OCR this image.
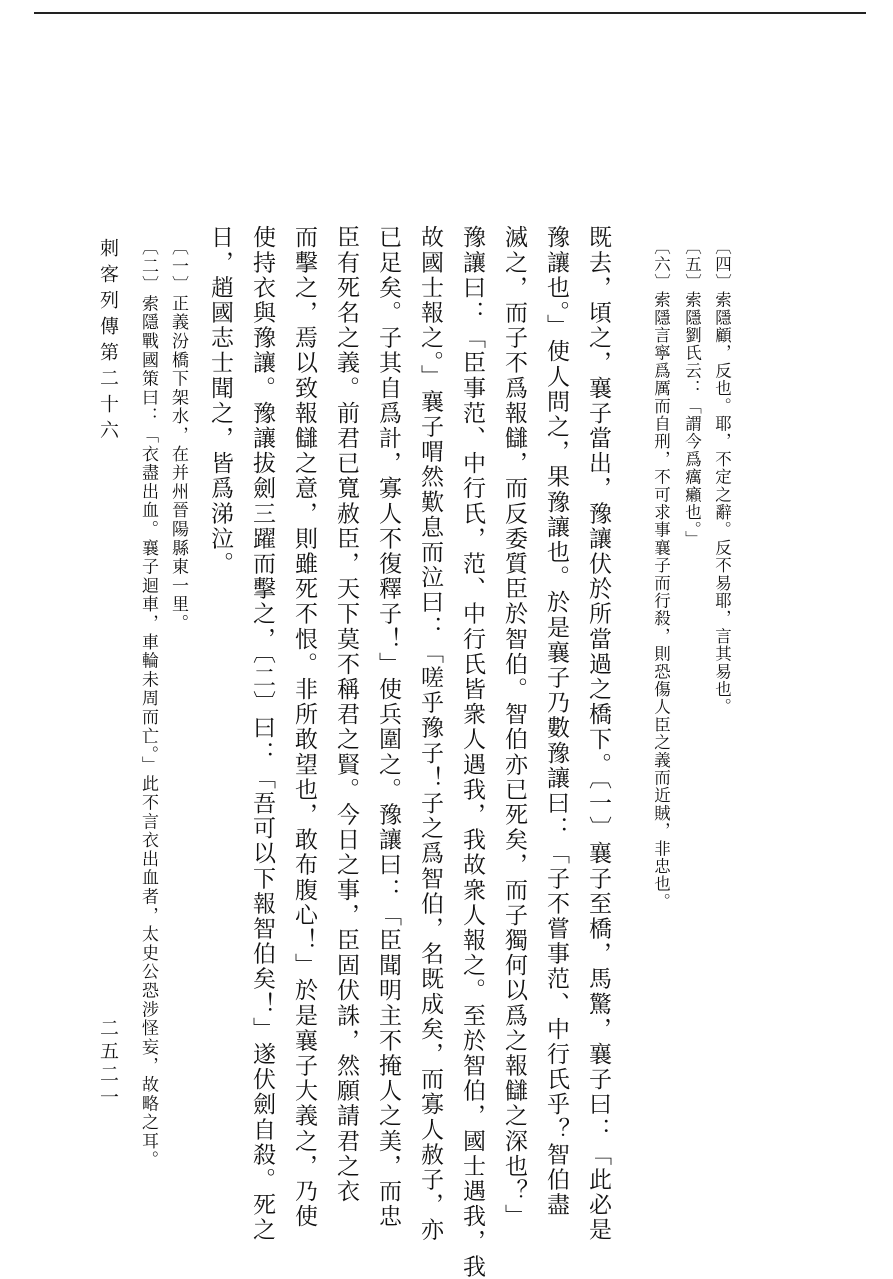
〔四〕索隱顧，反也。耶，不定之辭。反不易耶，言其易也。
〔五〕索隱劉氏云：「謂今爲癘癩也。」
〔六〕索隱言寧爲厲而自刑，不可求事襄子而行殺，則恐傷人臣之義而近賊，非忠也。
既去，頃之，襄子當出，豫讓伏於所當過之橋下。〔一〕襄子至橋，馬驚，襄子曰：「此必是
豫讓也。」使人問之，果豫讓也。於是襄子乃數豫讓曰：「子不嘗事范、中行氏乎？智伯盡
滅之，而子不爲報讎，而反委質臣於智伯。智伯亦已死矣，而子獨何以爲之報讎之深也？」
豫讓曰：「臣事范、中行氏，范、中行氏皆衆人遇我，我故衆人報之。至於智伯，國士遇我，我
故國士報之。」襄子喟然歎息而泣曰：「嗟乎豫子！子之爲智伯，名既成矣，而寡人赦子，亦
已足矣。子其自爲計，寡人不復釋子！」使兵圍之。豫讓曰：「臣聞明主不掩人之美，而忠
臣有死名之義。前君已寬赦臣，天下莫不稱君之賢。今日之事，臣固伏誅，然願請君之衣
而擊之，焉以致報讎之意，則雖死不恨。非所敢望也，敢布腹心！」於是襄子大義之，乃使
使持衣與豫讓。豫讓拔劍三躍而擊之，〔二〕曰：「吾可以下報智伯矣！」遂伏劍自殺。死之
日，趙國志士聞之，皆爲涕泣。
〔一〕正義汾橋下架水，在并州晉陽縣東一里。
〔二〕索隱戰國策曰：「衣盡出血。襄子迴車，車輪未周而亡。」此不言衣出血者，太史公恐涉怪妄，故略之耳。
刺客列傳第二十六
二五二一
